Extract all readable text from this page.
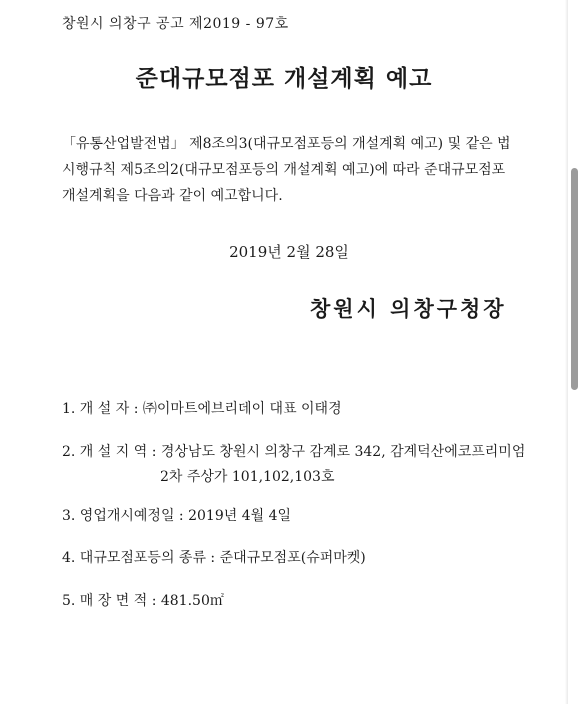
창원시 의창구 공고 제2019 - 97호
준대규모점포 개설계획 예고
「유통산업발전법」 제8조의3(대규모점포등의 개설계획 예고) 및 같은 법
시행규칙 제5조의2(대규모점포등의 개설계획 예고)에 따라 준대규모점포
개설계획을 다음과 같이 예고합니다.
2019년 2월 28일
창원시 의창구청장
1. 개 설 자 : ㈜이마트에브리데이 대표 이태경
2. 개 설 지 역 : 경상남도 창원시 의창구 감계로 342, 감계덕산에코프리미엄
2차 주상가 101,102,103호
3. 영업개시예정일 : 2019년 4월 4일
4. 대규모점포등의 종류 : 준대규모점포(슈퍼마켓)
5. 매 장 면 적 : 481.50㎡
